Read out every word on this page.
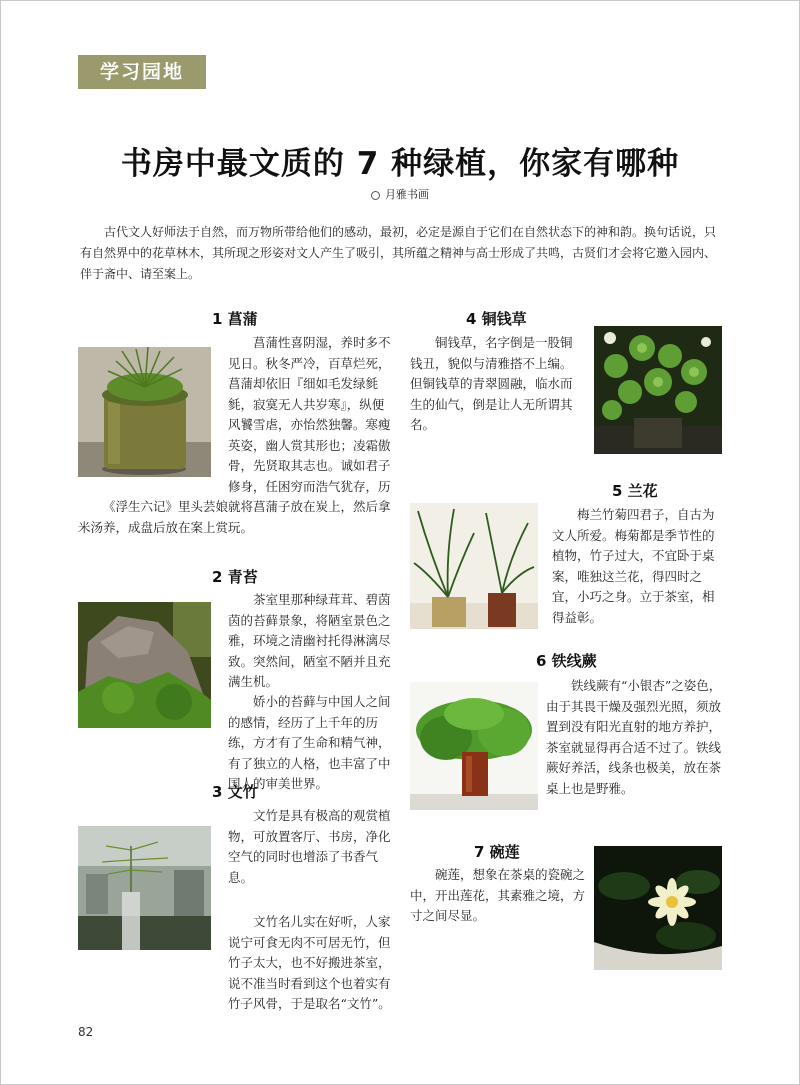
学习园地
书房中最文质的 7 种绿植，你家有哪种
月雅书画

古代文人好师法于自然，而万物所带给他们的感动，最初，必定是源自于它们在自然状态下的神和韵。换句话说，只有自然界中的花草林木，其所现之形姿对文人产生了吸引，其所蕴之精神与高士形成了共鸣，古贤们才会将它邀入园内、伴于斋中、请至案上。

1 菖蒲

菖蒲性喜阴湿，养时多不见日。秋冬严冷，百草烂死，菖蒲却依旧『细如毛发绿毵毵，寂寞无人共岁寒』，纵便风饕雪虐，亦怡然独馨。寒瘦英姿，幽人赏其形也；凌霜傲骨，先贤取其志也。诚如君子修身，任困穷而浩气犹存，历

《浮生六记》里头芸娘就将菖蒲子放在炭上，然后拿米汤养，成盘后放在案上赏玩。

2 青苔

茶室里那种绿茸茸、碧茵茵的苔藓景象，将陋室景色之雅，环境之清幽衬托得淋漓尽致。突然间，陋室不陋并且充满生机。

娇小的苔藓与中国人之间的感情，经历了上千年的历练，方才有了生命和精气神，有了独立的人格，也丰富了中国人的审美世界。

3 文竹

文竹是具有极高的观赏植物，可放置客厅、书房，净化空气的同时也增添了书香气息。

文竹名儿实在好听，人家说宁可食无肉不可居无竹，但竹子太大，也不好搬进茶室，说不准当时看到这个也着实有竹子风骨，于是取名“文竹”。

4 铜钱草

铜钱草，名字倒是一股铜钱丑，貌似与清雅搭不上编。但铜钱草的青翠圆融，临水而生的仙气，倒是让人无所谓其名。

5 兰花

梅兰竹菊四君子，自古为文人所爱。梅菊都是季节性的植物，竹子过大，不宜卧于桌案，唯独这兰花，得四时之宜，小巧之身。立于茶室，相得益彰。

6 铁线蕨

铁线蕨有“小银杏”之姿色，由于其畏干燥及强烈光照，须放置到没有阳光直射的地方养护，茶室就显得再合适不过了。铁线蕨好养活，线条也极美，放在茶桌上也是野雅。

7 碗莲

碗莲，想象在茶桌的瓷碗之中，开出莲花，其素雅之境，方寸之间尽显。

82
